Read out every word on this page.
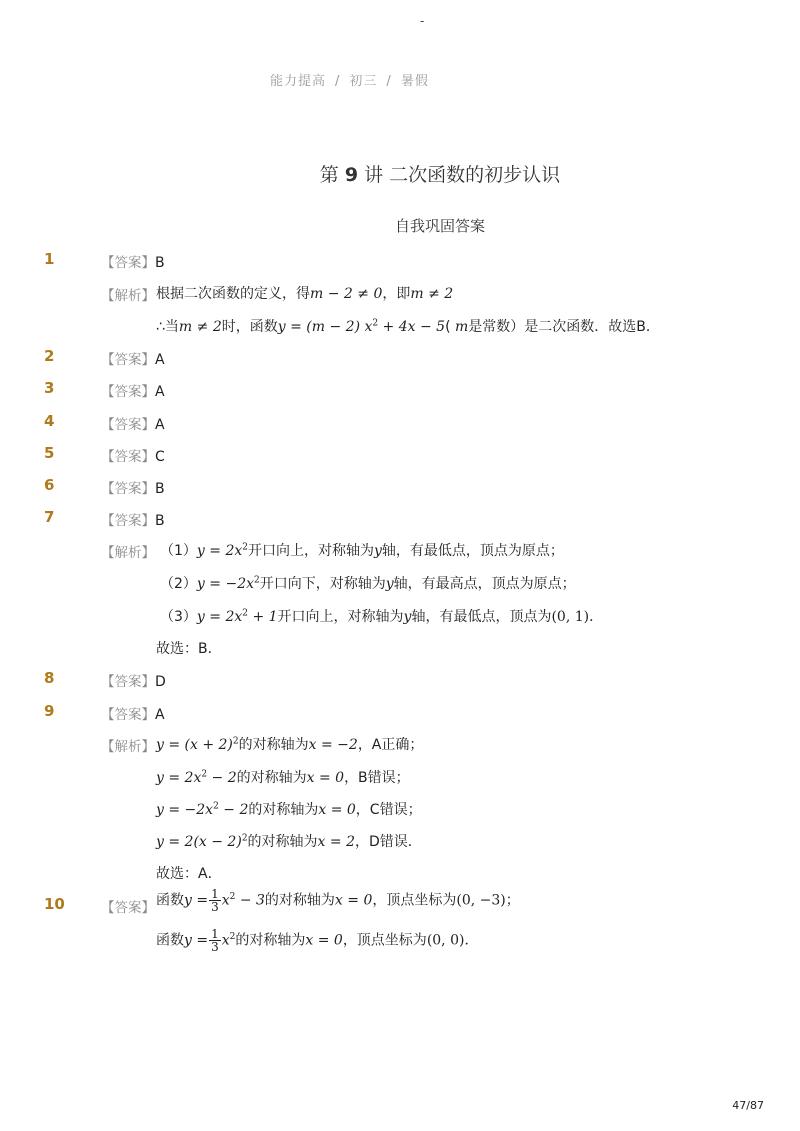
-
能力提高 / 初三 / 暑假
第 9 讲 二次函数的初步认识
自我巩固答案
1	【答案】B
【解析】 根据二次函数的定义，得m − 2 ≠ 0，即m ≠ 2
∴当m ≠ 2时，函数y = (m − 2) $x^2 + 4x - 5$( m是常数）是二次函数．故选B．
2	【答案】A
3	【答案】A
4	【答案】A
5	【答案】C
6	【答案】B
7	【答案】B
【解析】 $(1)y = 2x^2$开口向上，对称轴为y轴，有最低点，顶点为原点；
$(2)y = -2x^2$开口向下，对称轴为y轴，有最高点，顶点为原点；
$(3)y = 2x^2 + 1$开口向上，对称轴为y轴，有最低点，顶点为(0, 1)．
故选：B．
8	【答案】D
9	【答案】A
【解析】 $y = (x + 2)^2$的对称轴为x = −2，A正确；
$y = 2x^2 - 2$的对称轴为x = 0，B错误；
$y = -2x^2 - 2$的对称轴为x = 0，C错误；
$y = 2(x - 2)^2$的对称轴为x = 2，D错误．
故选：A．
10	【答案】 函数$y = \frac{1}{3} x^2 - 3$的对称轴为x = 0，顶点坐标为(0, −3)；
函数$y = \frac{1}{3} x^2$的对称轴为x = 0，顶点坐标为(0, 0)．
47/87
